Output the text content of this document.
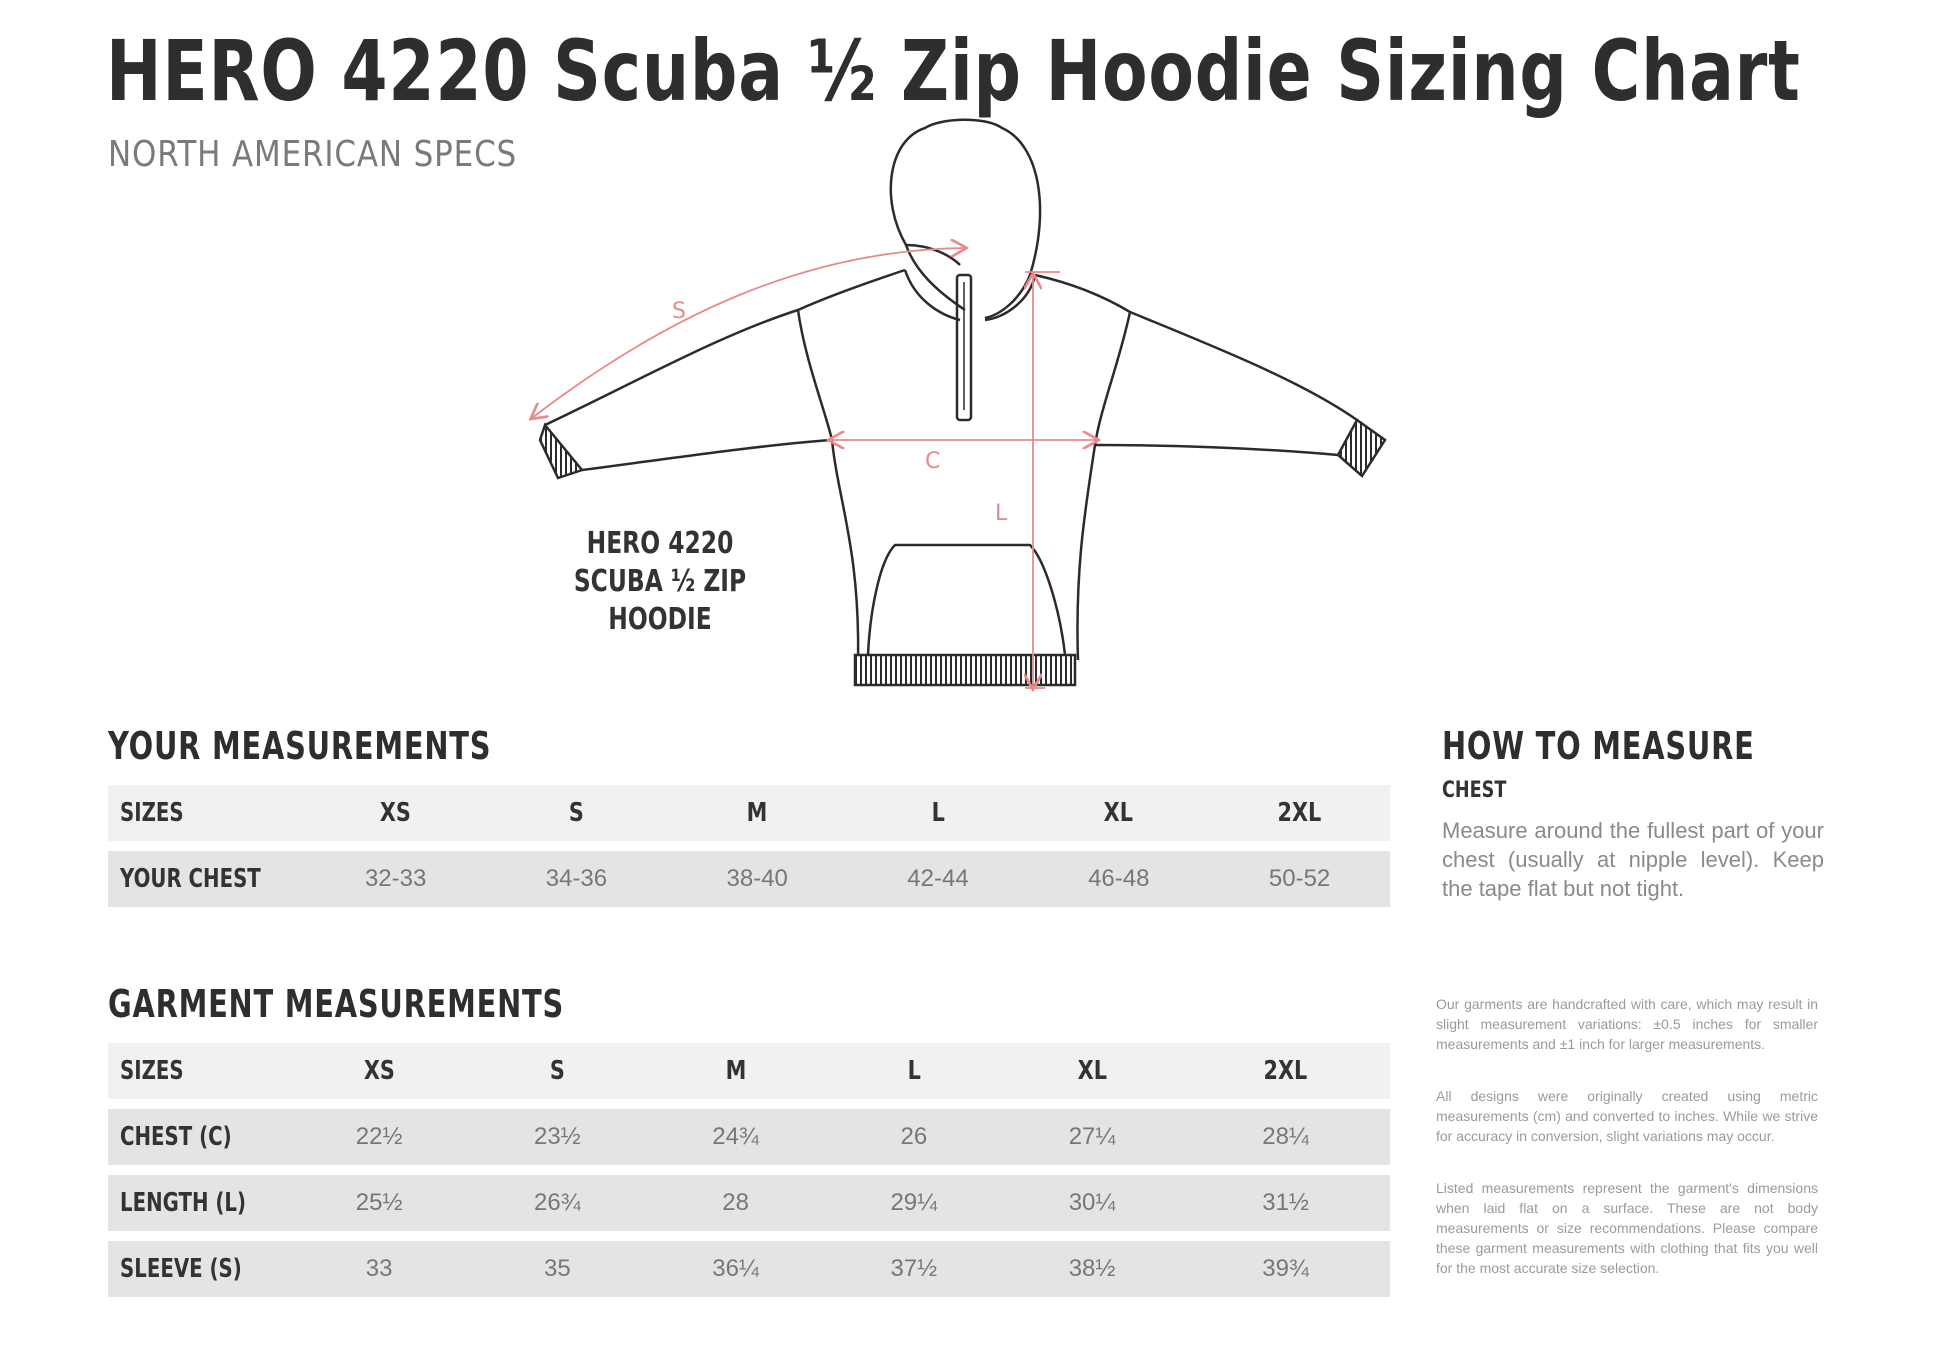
HERO 4220 Scuba ½ Zip Hoodie Sizing Chart
NORTH AMERICAN SPECS
S
C
L
HERO 4220
SCUBA ½ ZIP HOODIE
YOUR MEASUREMENTS
SIZES	XS	S	M	L	XL	2XL
YOUR CHEST	32-33	34-36	38-40	42-44	46-48	50-52
GARMENT MEASUREMENTS
SIZES	XS	S	M	L	XL	2XL
CHEST (C)	22½	23½	24¾	26	27¼	28¼
LENGTH (L)	25½	26¾	28	29¼	30¼	31½
SLEEVE (S)	33	35	36¼	37½	38½	39¾
HOW TO MEASURE
CHEST
Measure around the fullest part of your chest (usually at nipple level). Keep the tape flat but not tight.
Our garments are handcrafted with care, which may result in slight measurement variations: ±0.5 inches for smaller measurements and ±1 inch for larger measurements.
All designs were originally created using metric measurements (cm) and converted to inches. While we strive for accuracy in conversion, slight variations may occur.
Listed measurements represent the garment's dimensions when laid flat on a surface. These are not body measurements or size recommendations. Please compare these garment measurements with clothing that fits you well for the most accurate size selection.
